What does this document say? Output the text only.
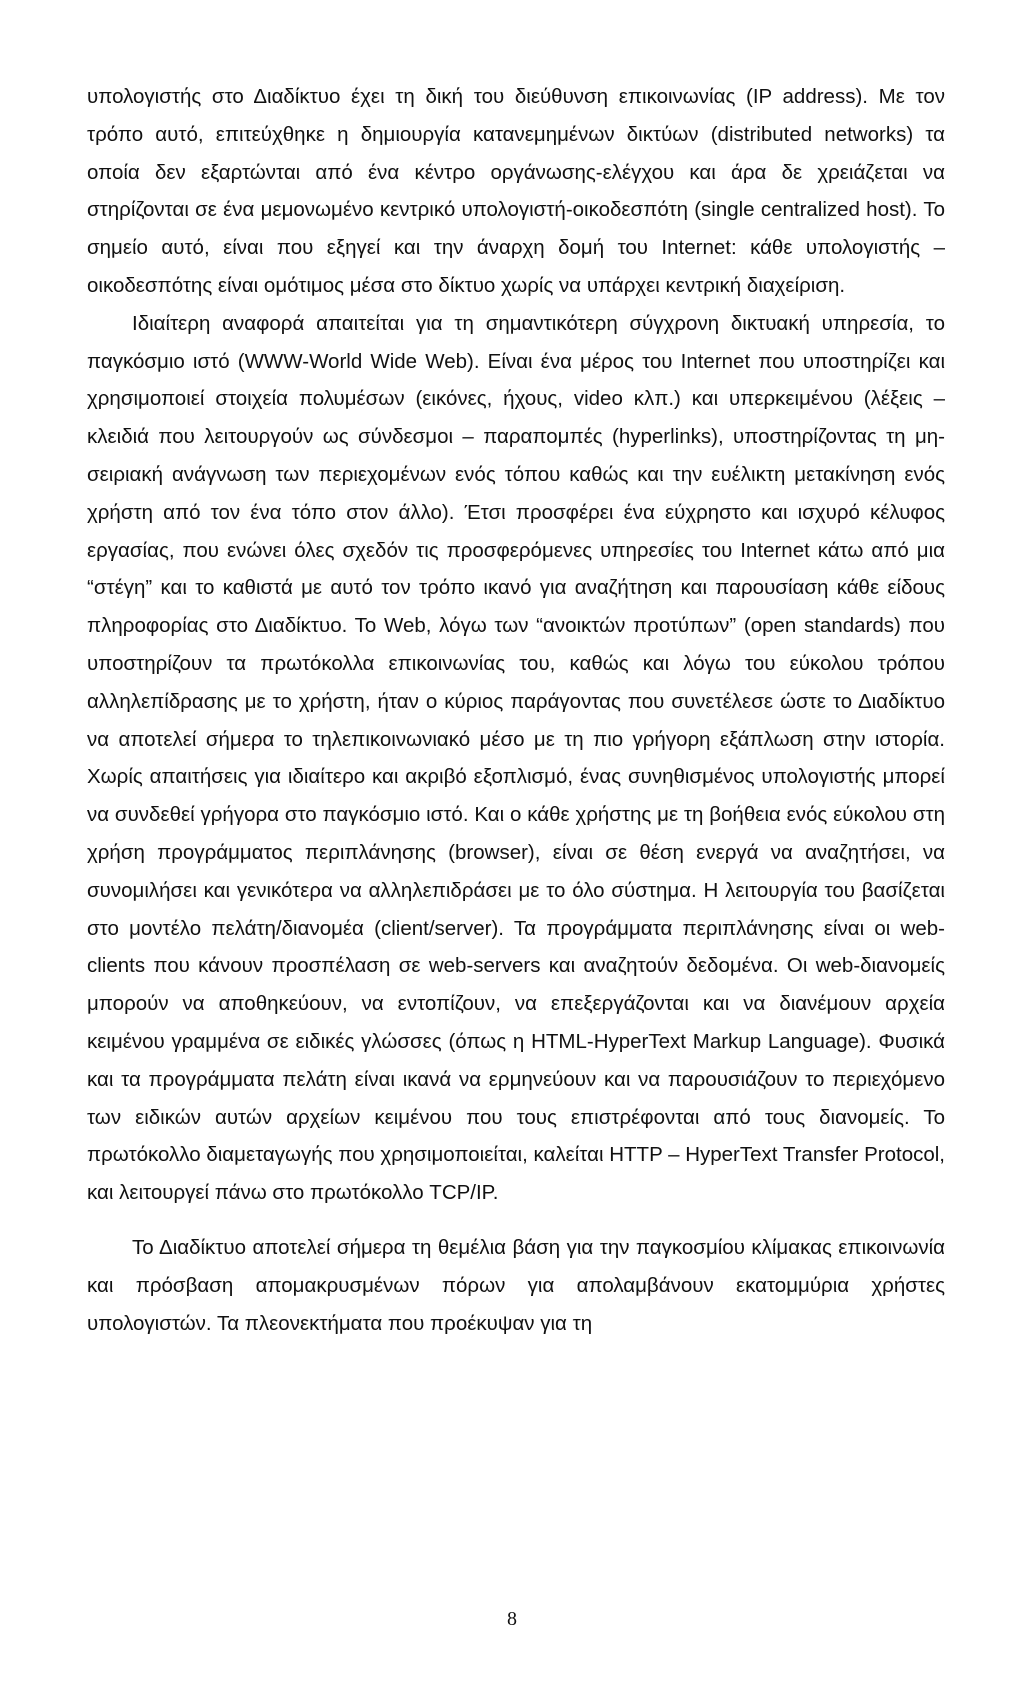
υπολογιστής στο Διαδίκτυο έχει τη δική του διεύθυνση επικοινωνίας (IP address). Με τον τρόπο αυτό, επιτεύχθηκε η δημιουργία κατανεμημένων δικτύων (distributed networks) τα οποία δεν εξαρτώνται από ένα κέντρο οργάνωσης-ελέγχου και άρα δε χρειάζεται να στηρίζονται σε ένα μεμονωμένο κεντρικό υπολογιστή-οικοδεσπότη (single centralized host). Το σημείο αυτό, είναι που εξηγεί και την άναρχη δομή του Internet: κάθε υπολογιστής – οικοδεσπότης είναι ομότιμος μέσα στο δίκτυο χωρίς να υπάρχει κεντρική διαχείριση.

Ιδιαίτερη αναφορά απαιτείται για τη σημαντικότερη σύγχρονη δικτυακή υπηρεσία, το παγκόσμιο ιστό (WWW-World Wide Web). Είναι ένα μέρος του Internet που υποστηρίζει και χρησιμοποιεί στοιχεία πολυμέσων (εικόνες, ήχους, video κλπ.) και υπερκειμένου (λέξεις –κλειδιά που λειτουργούν ως σύνδεσμοι – παραπομπές (hyperlinks), υποστηρίζοντας τη μη-σειριακή ανάγνωση των περιεχομένων ενός τόπου καθώς και την ευέλικτη μετακίνηση ενός χρήστη από τον ένα τόπο στον άλλο). Έτσι προσφέρει ένα εύχρηστο και ισχυρό κέλυφος εργασίας, που ενώνει όλες σχεδόν τις προσφερόμενες υπηρεσίες του Internet κάτω από μια “στέγη” και το καθιστά με αυτό τον τρόπο ικανό για αναζήτηση και παρουσίαση κάθε είδους πληροφορίας στο Διαδίκτυο. Το Web, λόγω των “ανοικτών προτύπων” (open standards) που υποστηρίζουν τα πρωτόκολλα επικοινωνίας του, καθώς και λόγω του εύκολου τρόπου αλληλεπίδρασης με το χρήστη, ήταν ο κύριος παράγοντας που συνετέλεσε ώστε το Διαδίκτυο να αποτελεί σήμερα το τηλεπικοινωνιακό μέσο με τη πιο γρήγορη εξάπλωση στην ιστορία. Χωρίς απαιτήσεις για ιδιαίτερο και ακριβό εξοπλισμό, ένας συνηθισμένος υπολογιστής μπορεί να συνδεθεί γρήγορα στο παγκόσμιο ιστό. Και ο κάθε χρήστης με τη βοήθεια ενός εύκολου στη χρήση προγράμματος περιπλάνησης (browser), είναι σε θέση ενεργά να αναζητήσει, να συνομιλήσει και γενικότερα να αλληλεπιδράσει με το όλο σύστημα. Η λειτουργία του βασίζεται στο μοντέλο πελάτη/διανομέα (client/server). Τα προγράμματα περιπλάνησης είναι οι web-clients που κάνουν προσπέλαση σε web-servers και αναζητούν δεδομένα. Οι web-διανομείς μπορούν να αποθηκεύουν, να εντοπίζουν, να επεξεργάζονται και να διανέμουν αρχεία κειμένου γραμμένα σε ειδικές γλώσσες (όπως η HTML-HyperText Markup Language). Φυσικά και τα προγράμματα πελάτη είναι ικανά να ερμηνεύουν και να παρουσιάζουν το περιεχόμενο των ειδικών αυτών αρχείων κειμένου που τους επιστρέφονται από τους διανομείς. Το πρωτόκολλο διαμεταγωγής που χρησιμοποιείται, καλείται HTTP – HyperText Transfer Protocol, και λειτουργεί πάνω στο πρωτόκολλο TCP/IP.

Το Διαδίκτυο αποτελεί σήμερα τη θεμέλια βάση για την παγκοσμίου κλίμακας επικοινωνία και πρόσβαση απομακρυσμένων πόρων για απολαμβάνουν εκατομμύρια χρήστες υπολογιστών. Τα πλεονεκτήματα που προέκυψαν για τη

8
